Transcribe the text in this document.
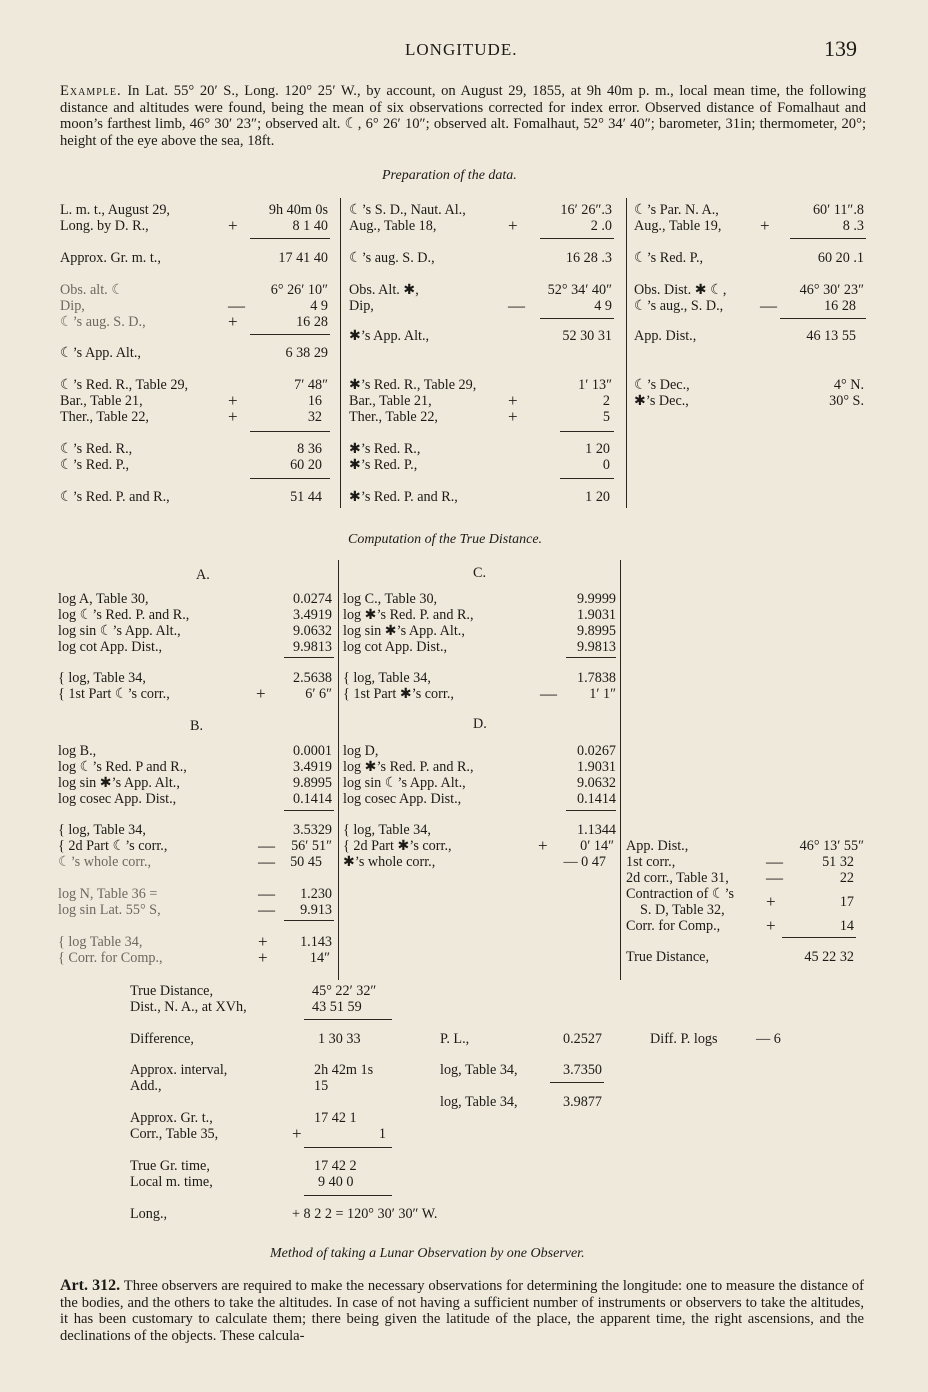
LONGITUDE.	139
Example. In Lat. 55° 20′ S., Long. 120° 25′ W., by account, on August 29, 1855, at 9h 40m p. m., local mean time, the following distance and altitudes were found, being the mean of six observations corrected for index error. Observed distance of Fomalhaut and moon’s farthest limb, 46° 30′ 23″; observed alt. ☾, 6° 26′ 10″; observed alt. Fomalhaut, 52° 34′ 40″; barometer, 31in; thermometer, 20°; height of the eye above the sea, 18ft.
Preparation of the data.
L. m. t., August 29,	9h 40m 0s
Long. by D. R.,	+	8 1 40
Approx. Gr. m. t.,	17 41 40
Obs. alt. ☾	6° 26′ 10″
Dip,	—	4 9
☾’s aug. S. D.,	+	16 28
☾’s App. Alt.,	6 38 29
☾’s Red. R., Table 29,	7′ 48″
Bar., Table 21,	+	16
Ther., Table 22,	+	32
☾’s Red. R.,	8 36
☾’s Red. P.,	60 20
☾’s Red. P. and R.,	51 44
☾’s S. D., Naut. Al.,	16′ 26″.3
Aug., Table 18,	+	2 .0
☾’s aug. S. D.,	16 28 .3
Obs. Alt. ✱,	52° 34′ 40″
Dip,	—	4 9
✱’s App. Alt.,	52 30 31
✱’s Red. R., Table 29,	1′ 13″
Bar., Table 21,	+	2
Ther., Table 22,	+	5
✱’s Red. R.,	1 20
✱’s Red. P.,	0
✱’s Red. P. and R.,	1 20
☾’s Par. N. A.,	60′ 11″.8
Aug., Table 19, +	8 .3
☾’s Red. P.,	60 20 .1
Obs. Dist. ✱ ☾,	46° 30′ 23″
☾’s aug., S. D., —	16 28
App. Dist.,	46 13 55
☾’s Dec.,	4° N.
✱’s Dec.,	30° S.
Computation of the True Distance.
A.
log A, Table 30,	0.0274
log ☾’s Red. P. and R.,	3.4919
log sin ☾’s App. Alt.,	9.0632
log cot App. Dist.,	9.9813
{ log, Table 34,	2.5638
{ 1st Part ☾’s corr.,	+	6′ 6″
B.
log B.,	0.0001
log ☾’s Red. P and R.,	3.4919
log sin ✱’s App. Alt.,	9.8995
log cosec App. Dist.,	0.1414
{ log, Table 34,	3.5329
{ 2d Part ☾’s corr.,	—	56′ 51″
☾’s whole corr.,	—	50 45
log N, Table 36 =	—	1.230
log sin Lat. 55° S,	—	9.913
{ log Table 34,	+	1.143
{ Corr. for Comp.,	+	14″
C.
log C., Table 30,	9.9999
log ✱’s Red. P. and R.,	1.9031
log sin ✱’s App. Alt.,	9.8995
log cot App. Dist.,	9.9813
{ log, Table 34,	1.7838
{ 1st Part ✱’s corr.,	—	1′ 1″
D.
log D,	0.0267
log ✱’s Red. P. and R.,	1.9031
log sin ☾’s App. Alt.,	9.0632
log cosec App. Dist.,	0.1414
{ log, Table 34,	1.1344
{ 2d Part ✱’s corr.,	+	0′ 14″
✱’s whole corr.,	— 0 47
App. Dist.,	46° 13′ 55″
1st corr.,	—	51 32
2d corr., Table 31, —	22
Contraction of ☾’s +	17
S. D, Table 32,
Corr. for Comp.,	+	14
True Distance,	45 22 32
True Distance,	45° 22′ 32″
Dist., N. A., at XVh,	43 51 59
Difference,	1 30 33
Approx. interval,	2h 42m 1s
Add.,	15
Approx. Gr. t.,	17 42 1
Corr., Table 35,	+	1
True Gr. time,	17 42 2
Local m. time,	9 40 0
Long.,	+ 8 2 2 = 120° 30′ 30″ W.
P. L.,	0.2527
log, Table 34,	3.7350
log, Table 34,	3.9877
Diff. P. logs	— 6
Method of taking a Lunar Observation by one Observer.
Art. 312. Three observers are required to make the necessary observations for determining the longitude: one to measure the distance of the bodies, and the others to take the altitudes. In case of not having a sufficient number of instruments or observers to take the altitudes, it has been customary to calculate them; there being given the latitude of the place, the apparent time, the right ascensions, and the declinations of the objects. These calcula-
